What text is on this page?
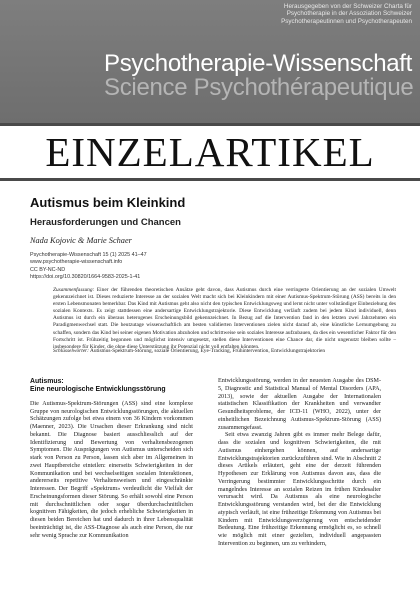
Herausgegeben von der Schweizer Charta für Psychotherapie in der Assoziation Schweizer Psychotherapeutinnen und Psychotherapeuten
Psychotherapie-Wissenschaft
Science Psychothérapeutique
EINZELARTIKEL
Autismus beim Kleinkind
Herausforderungen und Chancen
Nada Kojovic & Marie Schaer
Psychotherapie-Wissenschaft 15 (1) 2025 41–47
www.psychotherapie-wissenschaft.info
CC BY-NC-ND
https://doi.org/10.30820/1664-9583-2025-1-41
Zusammenfassung: Einer der führenden theoretischen Ansätze geht davon, dass Autismus durch eine verringerte Orientierung an der sozialen Umwelt gekennzeichnet ist. Dieses reduzierte Interesse an der sozialen Welt macht sich bei Kleinkindern mit einer Autismus-Spektrum-Störung (ASS) bereits in den ersten Lebensmonaten bemerkbar. Das Kind mit Autismus geht also nicht den typischen Entwicklungsweg und lernt nicht unter vollständiger Einbeziehung des sozialen Kontexts. Es zeigt stattdessen eine andersartige Entwicklungstrajektorie. Diese Entwicklung verläuft zudem bei jedem Kind individuell, denn Autismus ist durch ein überaus heterogenes Erscheinungsbild gekennzeichnet. In Bezug auf die Intervention fand in den letzten zwei Jahrzehnten ein Paradigmenwechsel statt. Die heutzutage wissenschaftlich am besten validierten Interventionen zielen nicht darauf ab, eine künstliche Lernumgebung zu schaffen, sondern das Kind bei seiner eigenen Motivation abzuholen und schrittweise sein soziales Interesse aufzubauen, da dies ein wesentlicher Faktor für den Fortschritt ist. Frühzeitig begonnen und möglichst intensiv umgesetzt, stellen diese Interventionen eine Chance dar, die nicht ungenutzt bleiben sollte – insbesondere für Kinder, die ohne diese Unterstützung ihr Potenzial nicht voll entfalten könnten.
Schlüsselwörter: Autismus-Spektrum-Störung, soziale Orientierung, Eye-Tracking, Frühintervention, Entwicklungstrajektorien
Autismus:
Eine neurologische Entwicklungsstörung

Die Autismus-Spektrum-Störungen (ASS) sind eine komplexe Gruppe von neurologischen Entwicklungsstörungen, die aktuellen Schätzungen zufolge bei etwa einem von 36 Kindern vorkommen (Maenner, 2023). Die Ursachen dieser Erkrankung sind nicht bekannt. Die Diagnose basiert ausschliesslich auf der Identifizierung und Bewertung von verhaltensbezogenen Symptomen. Die Ausprägungen von Autismus unterscheiden sich stark von Person zu Person, lassen sich aber im Allgemeinen in zwei Hauptbereiche einteilen: einerseits Schwierigkeiten in der Kommunikation und bei wechselseitigen sozialen Interaktionen, andererseits repetitive Verhaltensweisen und eingeschränkte Interessen. Der Begriff «Spektrum» verdeutlicht die Vielfalt der Erscheinungsformen dieser Störung. So erhält sowohl eine Person mit durchschnittlichen oder sogar überdurchschnittlichen kognitiven Fähigkeiten, die jedoch erhebliche Schwierigkeiten in diesen beiden Bereichen hat und dadurch in ihrer Lebensqualität beeinträchtigt ist, die ASS-Diagnose als auch eine Person, die nur sehr wenig Sprache zur Kommunikation

Entwicklungsstörung, werden in der neuesten Ausgabe des DSM-5, Diagnostic and Statistical Manual of Mental Disorders (APA, 2013), sowie der aktuellen Ausgabe der Internationalen statistischen Klassifikation der Krankheiten und verwandter Gesundheitsprobleme, der ICD-11 (WHO, 2022), unter der einheitlichen Bezeichnung Autismus-Spektrum-Störung (ASS) zusammengefasst.

Seit etwa zwanzig Jahren gibt es immer mehr Belege dafür, dass die sozialen und kognitiven Schwierigkeiten, die mit Autismus einhergehen können, auf andersartige Entwicklungstrajektorien zurückzuführen sind. Wie in Abschnitt 2 dieses Artikels erläutert, geht eine der derzeit führenden Hypothesen zur Erklärung von Autismus davon aus, dass die Verringerung bestimmter Entwicklungsschritte durch ein mangelndes Interesse an sozialen Reizen im frühen Kindesalter verursacht wird. Da Autismus als eine neurologische Entwicklungsstörung verstanden wird, bei der die Entwicklung atypisch verläuft, ist eine frühzeitige Erkennung von Autismus bei Kindern mit Entwicklungsverzögerung von entscheidender Bedeutung. Eine frühzeitige Erkennung ermöglicht es, so schnell wie möglich mit einer gezielten, individuell angepassten Intervention zu beginnen, um zu verhindern,
